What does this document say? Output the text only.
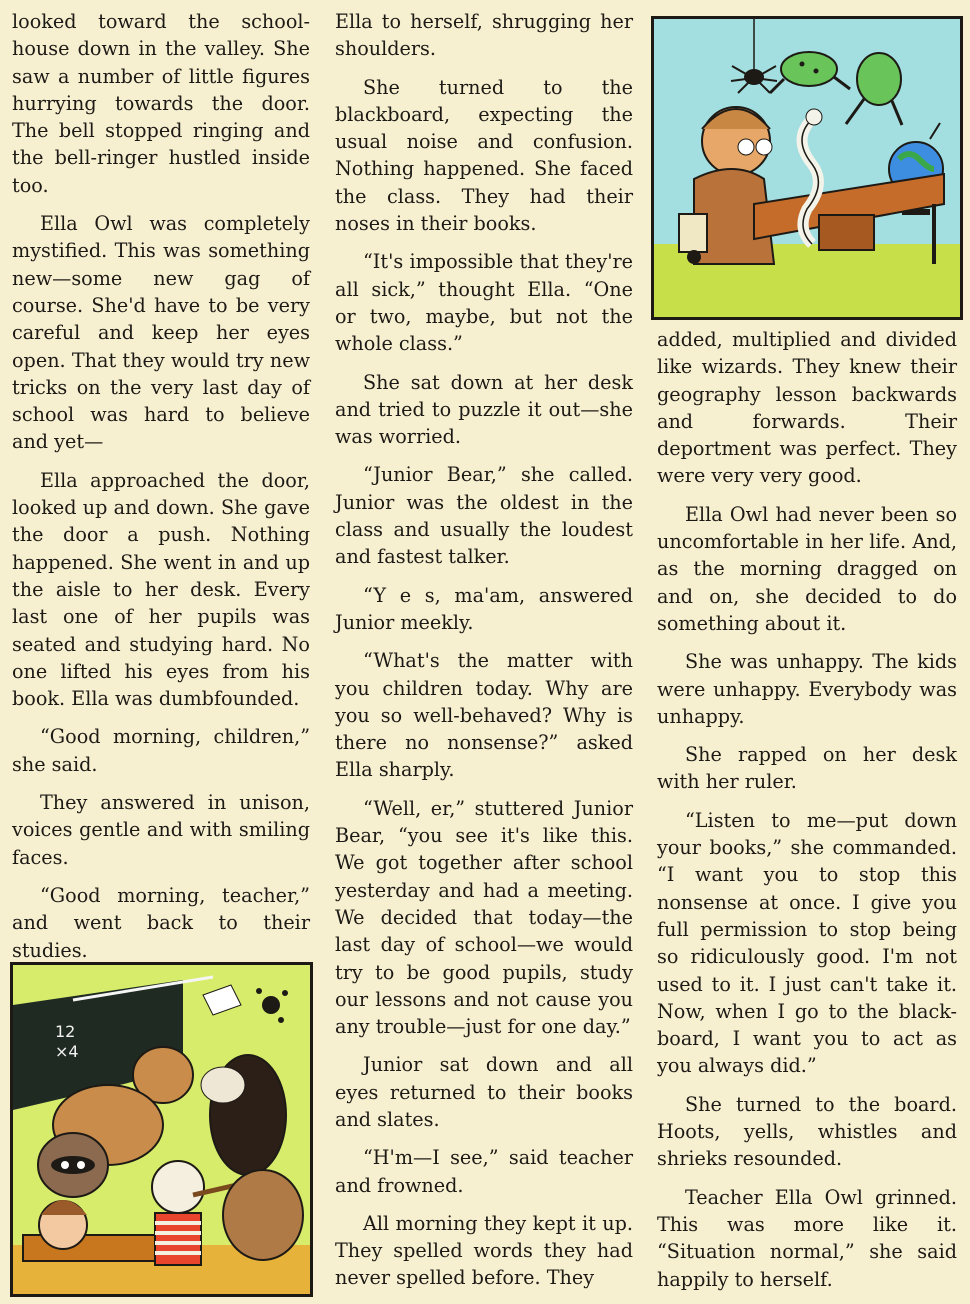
looked toward the school-house down in the valley. She saw a number of little figures hurrying towards the door. The bell stopped ringing and the bell-ringer hustled inside too.

Ella Owl was completely mystified. This was something new—some new gag of course. She'd have to be very careful and keep her eyes open. That they would try new tricks on the very last day of school was hard to believe and yet—

Ella approached the door, looked up and down. She gave the door a push. Nothing happened. She went in and up the aisle to her desk. Every last one of her pupils was seated and studying hard. No one lifted his eyes from his book. Ella was dumbfounded.

“Good morning, children,” she said.

They answered in unison, voices gentle and with smiling faces.

“Good morning, teacher,” and went back to their studies.

Ella to herself, shrugging her shoulders.

She turned to the blackboard, expecting the usual noise and confusion. Nothing happened. She faced the class. They had their noses in their books.

“It's impossible that they're all sick,” thought Ella. “One or two, maybe, but not the whole class.”

She sat down at her desk and tried to puzzle it out—she was worried.

“Junior Bear,” she called. Junior was the oldest in the class and usually the loudest and fastest talker.

“Y e s, ma'am, answered Junior meekly.

“What's the matter with you children today. Why are you so well-behaved? Why is there no nonsense?” asked Ella sharply.

“Well, er,” stuttered Junior Bear, “you see it's like this. We got together after school yesterday and had a meeting. We decided that today—the last day of school—we would try to be good pupils, study our lessons and not cause you any trouble—just for one day.”

Junior sat down and all eyes returned to their books and slates.

“H'm—I see,” said teacher and frowned.

All morning they kept it up. They spelled words they had never spelled before. They

added, multiplied and divided like wizards. They knew their geography lesson backwards and forwards. Their deportment was perfect. They were very very good.

Ella Owl had never been so uncomfortable in her life. And, as the morning dragged on and on, she decided to do something about it.

She was unhappy. The kids were unhappy. Everybody was unhappy.

She rapped on her desk with her ruler.

“Listen to me—put down your books,” she commanded. “I want you to stop this nonsense at once. I give you full permission to stop being so ridiculously good. I'm not used to it. I just can't take it. Now, when I go to the black-board, I want you to act as you always did.”

She turned to the board. Hoots, yells, whistles and shrieks resounded.

Teacher Ella Owl grinned. This was more like it. “Situation normal,” she said happily to herself.

12
×4
